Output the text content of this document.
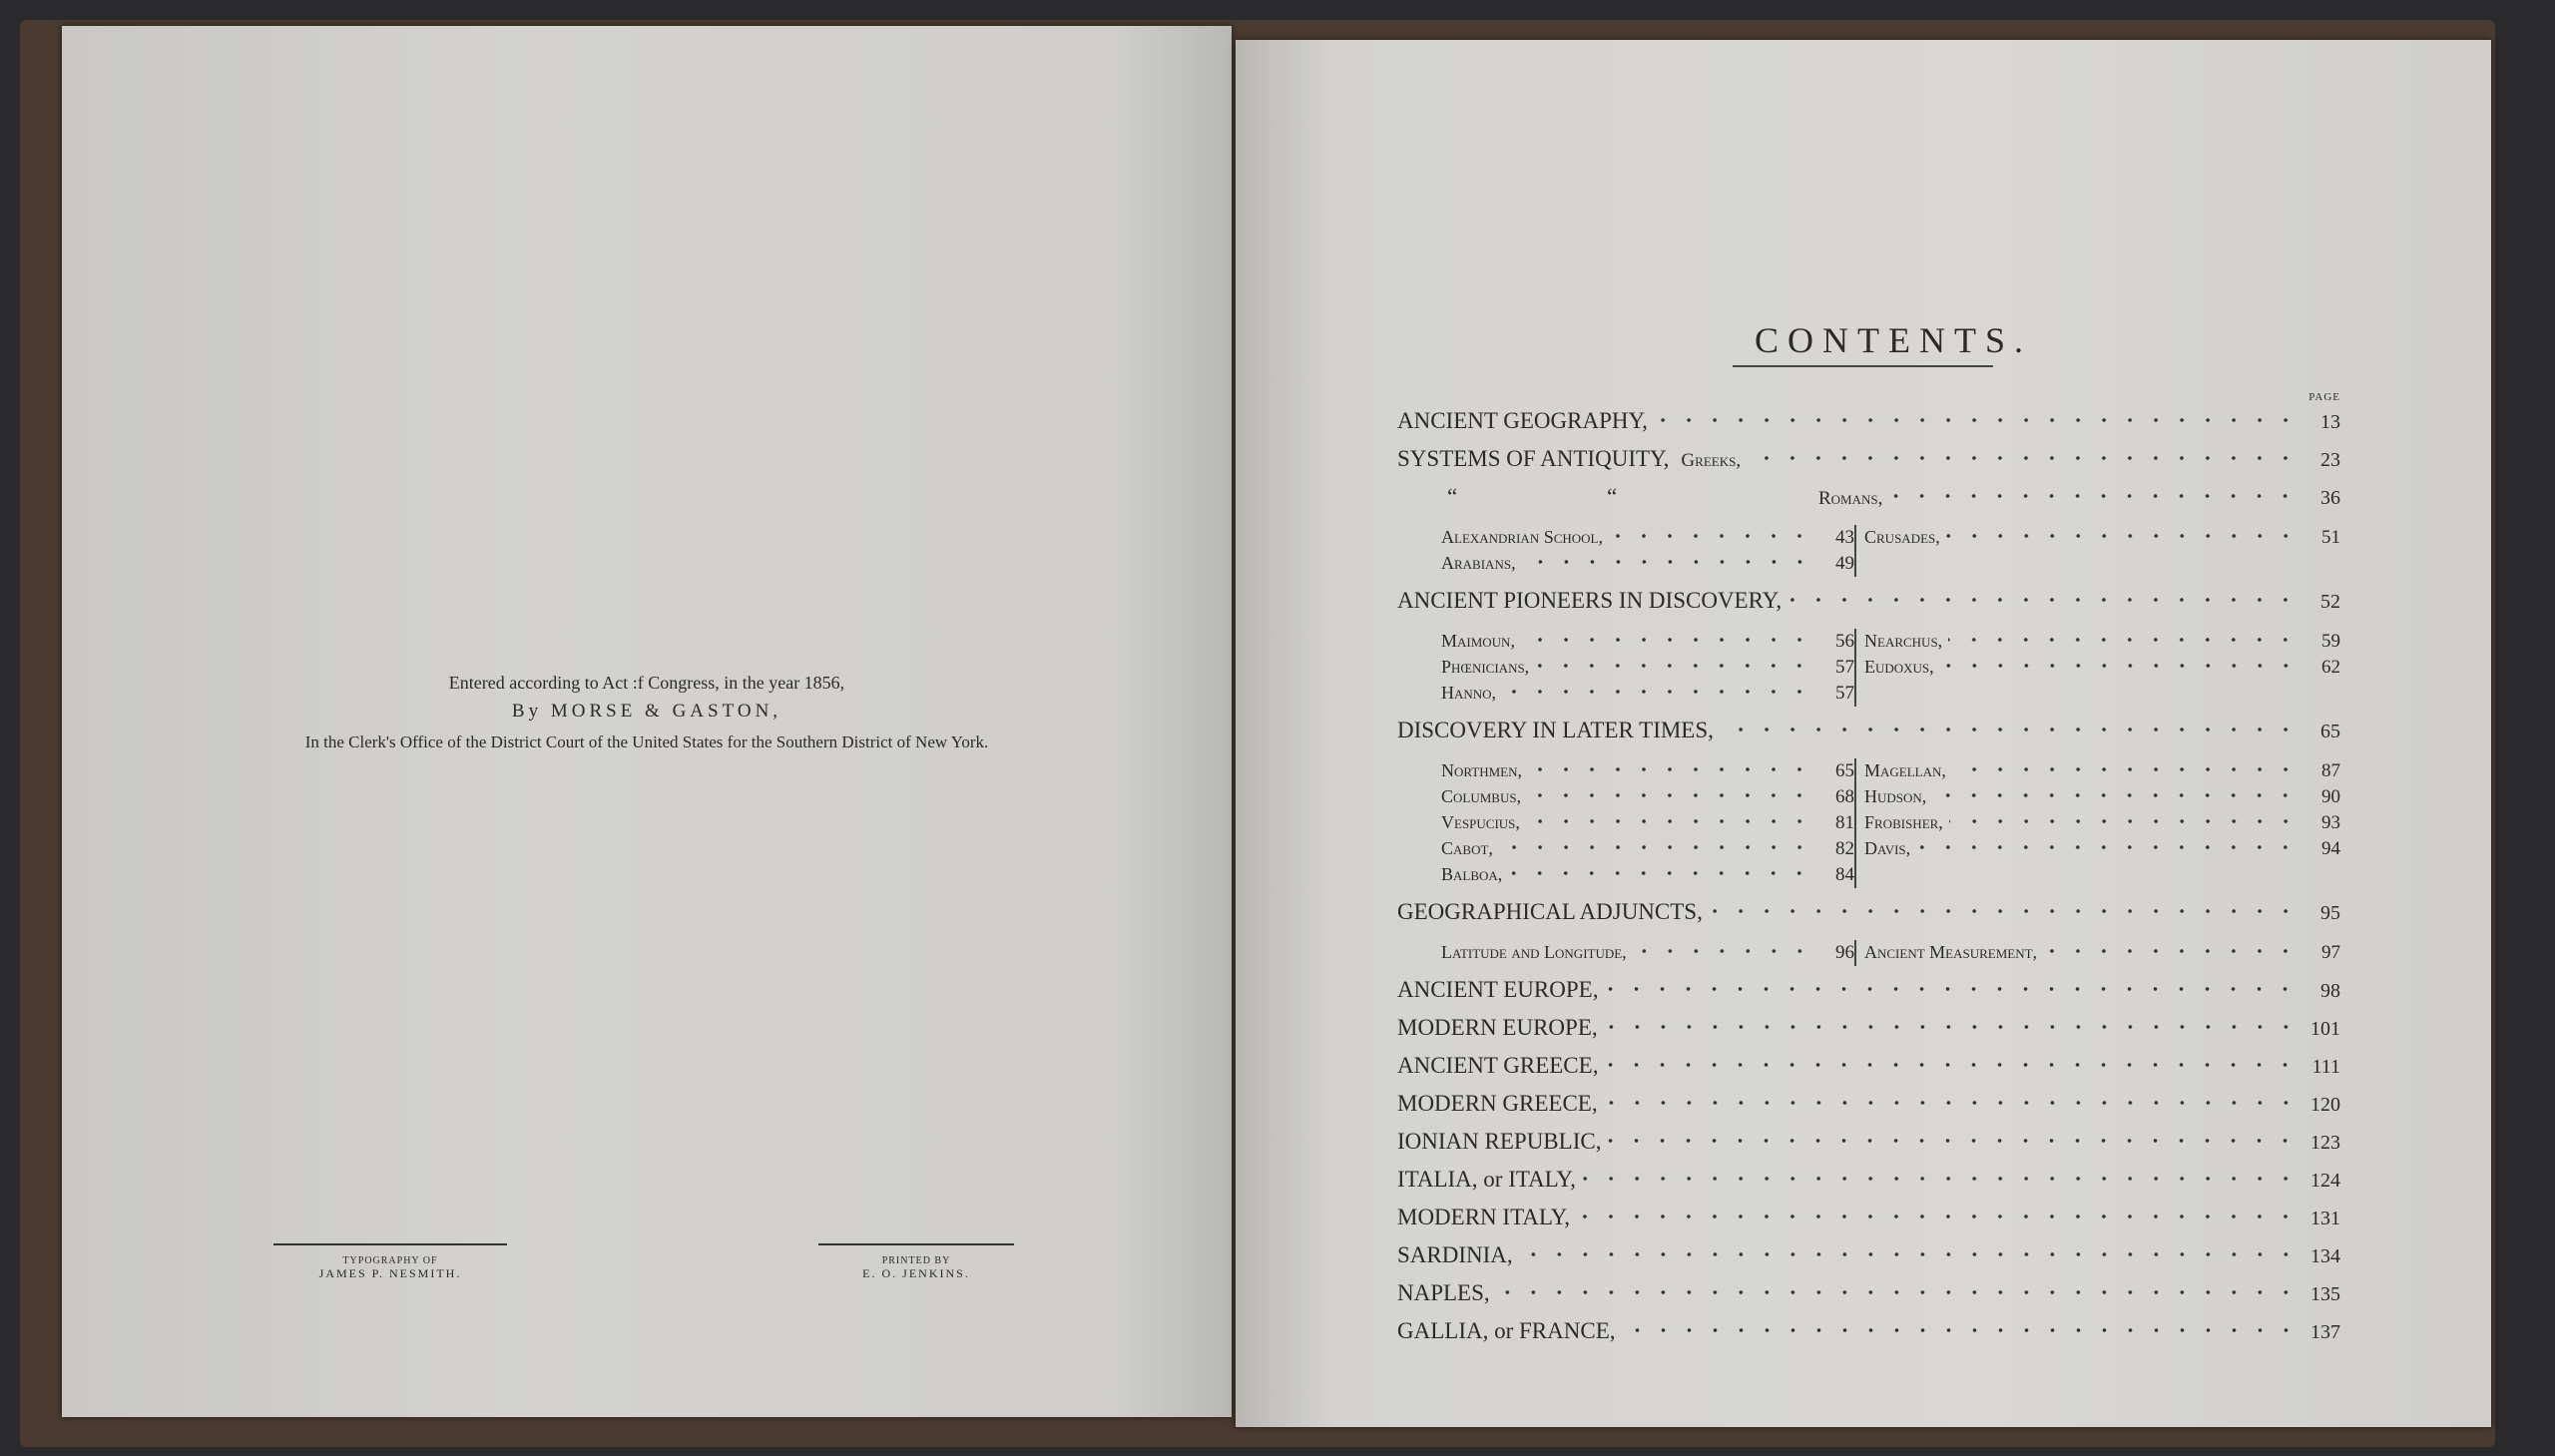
Entered according to Act :f Congress, in the year 1856,
By MORSE & GASTON,
In the Clerk's Office of the District Court of the United States for the Southern District of New York.
TYPOGRAPHY OF
JAMES P. NESMITH.
PRINTED BY
E. O. JENKINS.
CONTENTS.
PAGE
ANCIENT GEOGRAPHY,	13
SYSTEMS OF ANTIQUITY, Greeks,	23
“	“	Romans,	36
Alexandrian School,	43
Arabians,	49
Crusades,	51
ANCIENT PIONEERS IN DISCOVERY,	52
Maimoun,	56
Phœnicians,	57
Hanno,	57
Nearchus,	59
Eudoxus,	62
DISCOVERY IN LATER TIMES,	65
Northmen,	65
Columbus,	68
Vespucius,	81
Cabot,	82
Balboa,	84
Magellan,	87
Hudson,	90
Frobisher,	93
Davis,	94
GEOGRAPHICAL ADJUNCTS,	95
Latitude and Longitude,	96 Ancient Measurement,	97
ANCIENT EUROPE,	98
MODERN EUROPE,	101
ANCIENT GREECE,	111
MODERN GREECE,	120
IONIAN REPUBLIC,	123
ITALIA, or ITALY,	124
MODERN ITALY,	131
SARDINIA,	134
NAPLES,	135
GALLIA, or FRANCE,	137
